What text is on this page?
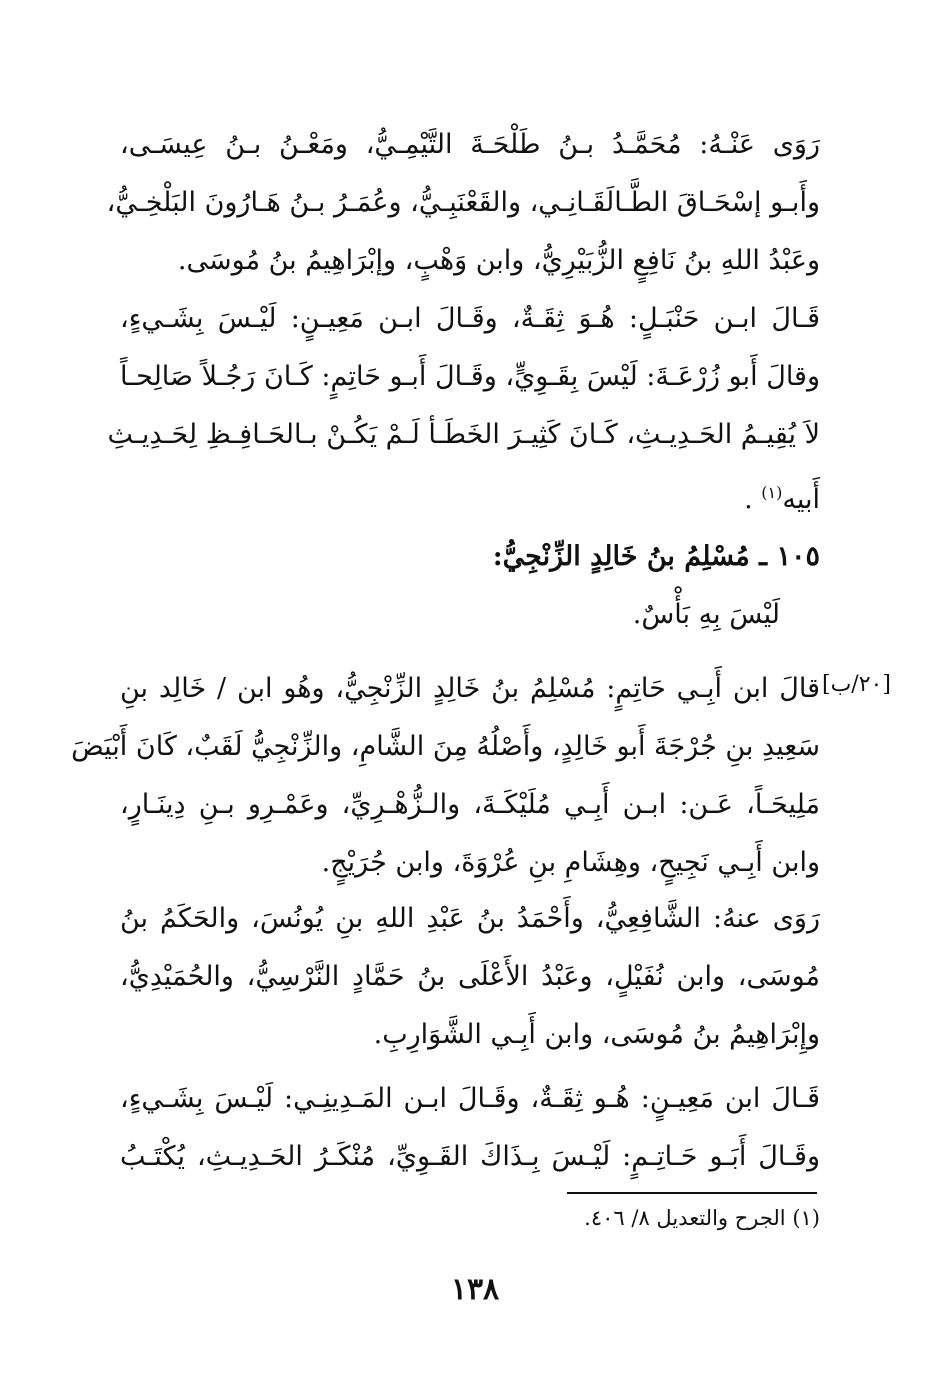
رَوَى عَنْـهُ: مُحَمَّـدُ بـنُ طَلْحَـةَ التَّيْمِـيُّ، ومَعْـنُ بـنُ عِيسَـى،
وأَبـو إسْحَـاقَ الطَّـالَقَـانِـي، والقَعْنَبِـيُّ، وعُمَـرُ بـنُ هَـارُونَ البَلْخِـيُّ،
وعَبْدُ اللهِ بنُ نَافِعٍ الزُّبَيْرِيُّ، وابن وَهْبٍ، وإبْرَاهِيمُ بنُ مُوسَى.
قَـالَ ابـن حَنْبَـلٍ: هُـوَ ثِقَـةٌ، وقَـالَ ابـن مَعِيـنٍ: لَيْـسَ بِشَـيءٍ،
وقالَ أَبو زُرْعَـةَ: لَيْسَ بِقَـوِيٍّ، وقَـالَ أَبـو حَاتِمٍ: كَـانَ رَجُـلاً صَالِحـاً
لاَ يُقِيـمُ الحَـدِيـثِ، كَـانَ كَثِيـرَ الخَطَـأ لَـمْ يَكُـنْ بـالحَـافِـظِ لِحَـدِيـثِ
أَبيه$^{(١)}$ .
١٠٥ ـ مُسْلِمُ بنُ خَالِدٍ الزِّنْجِيُّ:
لَيْسَ بِهِ بَأْسٌ.
[٢٠/ب]
قالَ ابن أَبِـي حَاتِمٍ: مُسْلِمُ بنُ خَالِدٍ الزِّنْجِيُّ، وهُو ابن / خَالِد بنِ
سَعِيدِ بنِ جُرْجَةَ أَبو خَالِدٍ، وأَصْلُهُ مِنَ الشَّامِ، والزِّنْجِيُّ لَقَبٌ، كَانَ أَبْيَضَ
مَلِيحَـاً، عَـن: ابـن أَبِـي مُلَيْكَـةَ، والـزُّهْـرِيِّ، وعَمْـرِو بـنِ دِينَـارٍ،
وابن أَبِـي نَجِيحٍ، وهِشَامِ بنِ عُرْوَةَ، وابن جُرَيْجٍ.
رَوَى عنهُ: الشَّافِعِيُّ، وأَحْمَدُ بنُ عَبْدِ اللهِ بنِ يُونُسَ، والحَكَمُ بنُ
مُوسَى، وابن نُفَيْلٍ، وعَبْدُ الأَعْلَى بنُ حَمَّادٍ النَّرْسِيُّ، والحُمَيْدِيُّ،
وإِبْرَاهِيمُ بنُ مُوسَى، وابن أَبِـي الشَّوَارِبِ.
قَـالَ ابن مَعِيـنٍ: هُـو ثِقَـةٌ، وقَـالَ ابـن المَـدِينِـي: لَيْـسَ بِشَـيءٍ،
وقَـالَ أَبَـو حَـاتِـمٍ: لَيْـسَ بِـذَاكَ القَـوِيِّ، مُنْكَـرُ الحَـدِيـثِ، يُكْتَـبُ
(١) الجرح والتعديل ٨/ ٤٠٦.
١٣٨
